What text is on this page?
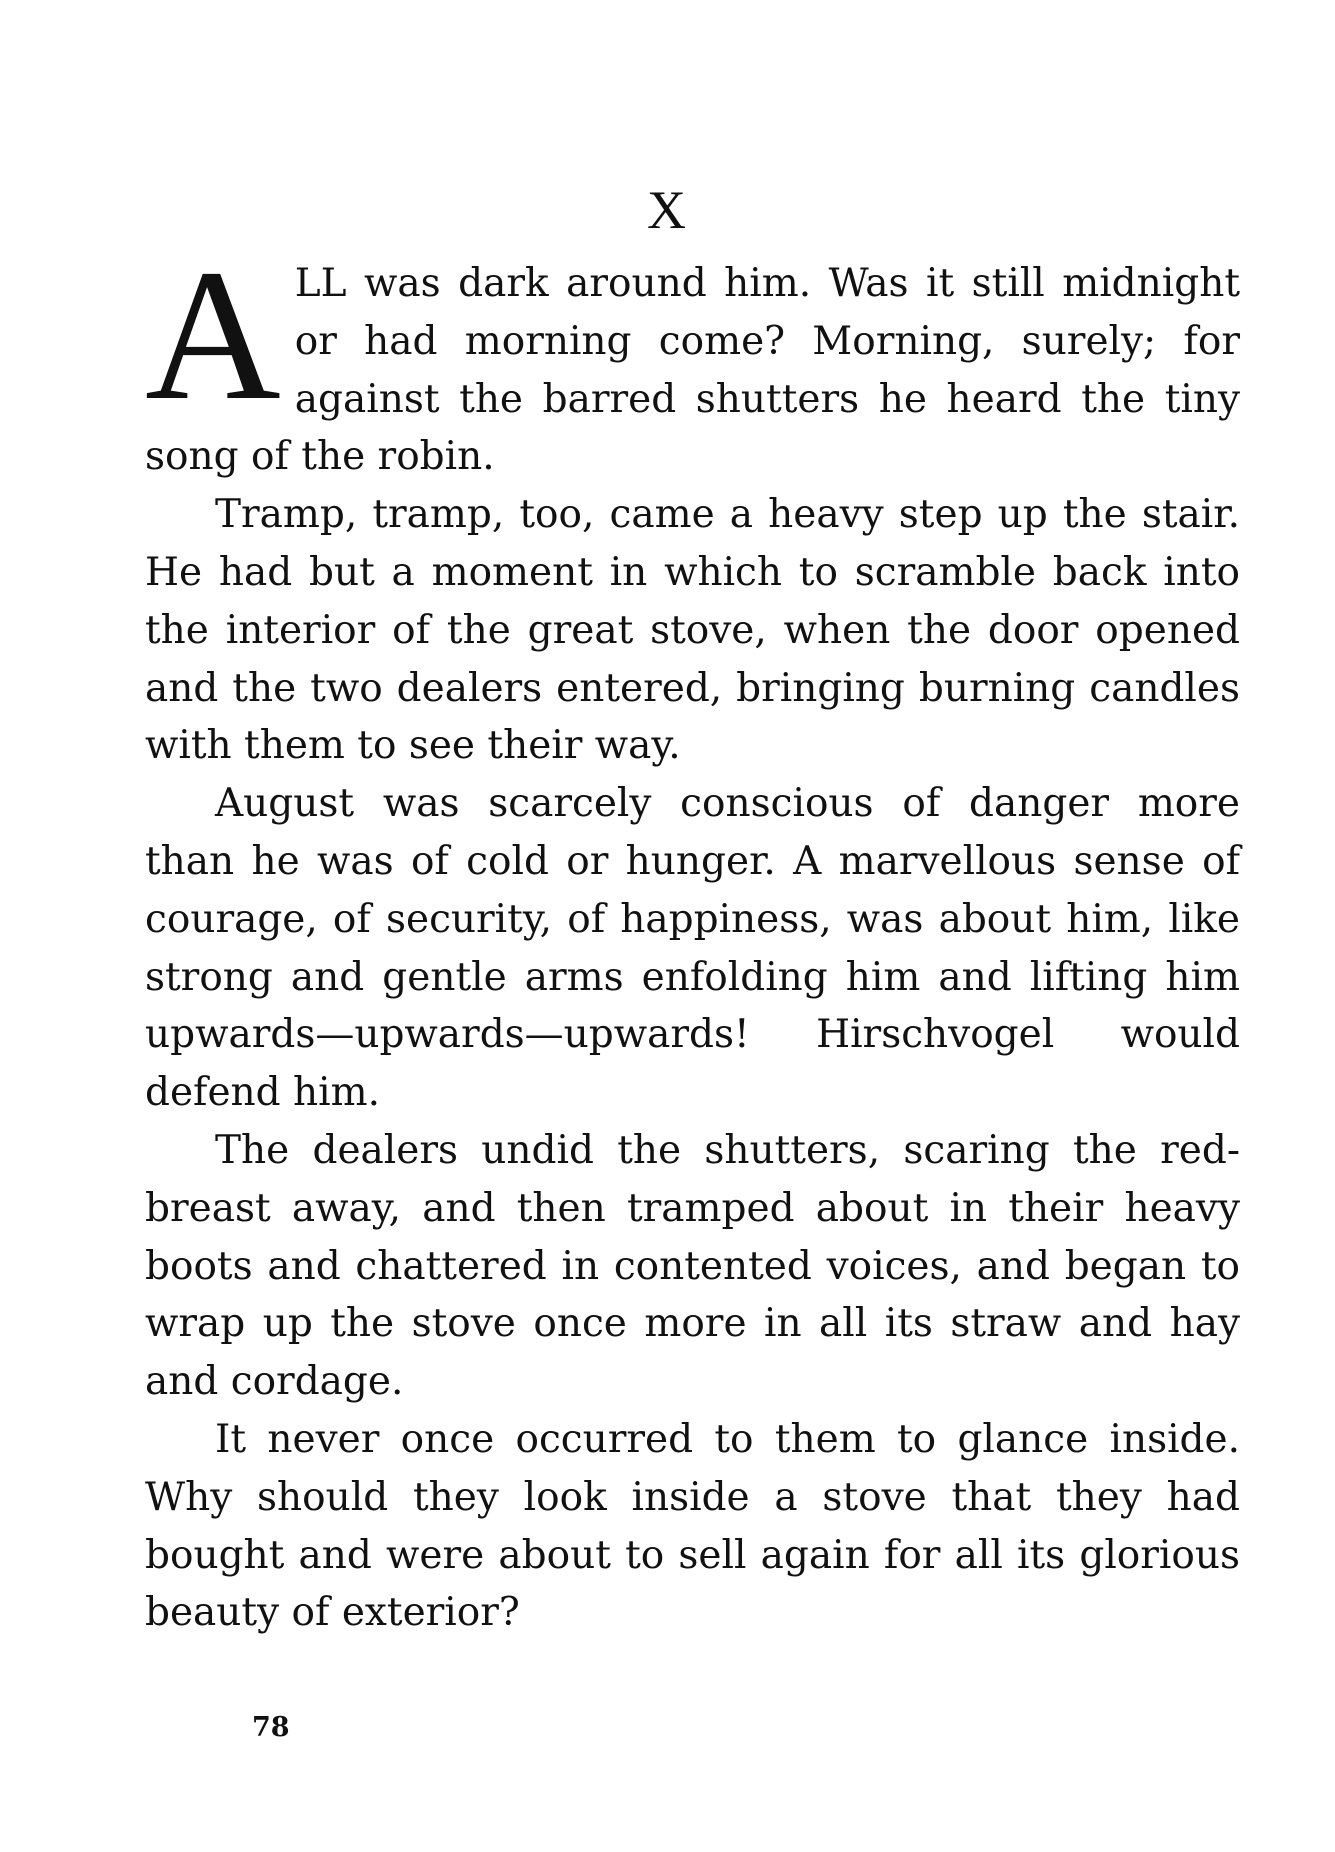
X

ALL was dark around him. Was it still midnight or had morning come? Morning, surely; for against the barred shutters he heard the tiny song of the robin.

Tramp, tramp, too, came a heavy step up the stair. He had but a moment in which to scramble back into the interior of the great stove, when the door opened and the two dealers entered, bringing burning candles with them to see their way.

August was scarcely conscious of danger more than he was of cold or hunger. A marvellous sense of courage, of security, of happiness, was about him, like strong and gentle arms enfolding him and lifting him upwards—upwards—upwards! Hirschvogel would defend him.

The dealers undid the shutters, scaring the red-breast away, and then tramped about in their heavy boots and chattered in contented voices, and began to wrap up the stove once more in all its straw and hay and cordage.

It never once occurred to them to glance inside. Why should they look inside a stove that they had bought and were about to sell again for all its glorious beauty of exterior?

78
